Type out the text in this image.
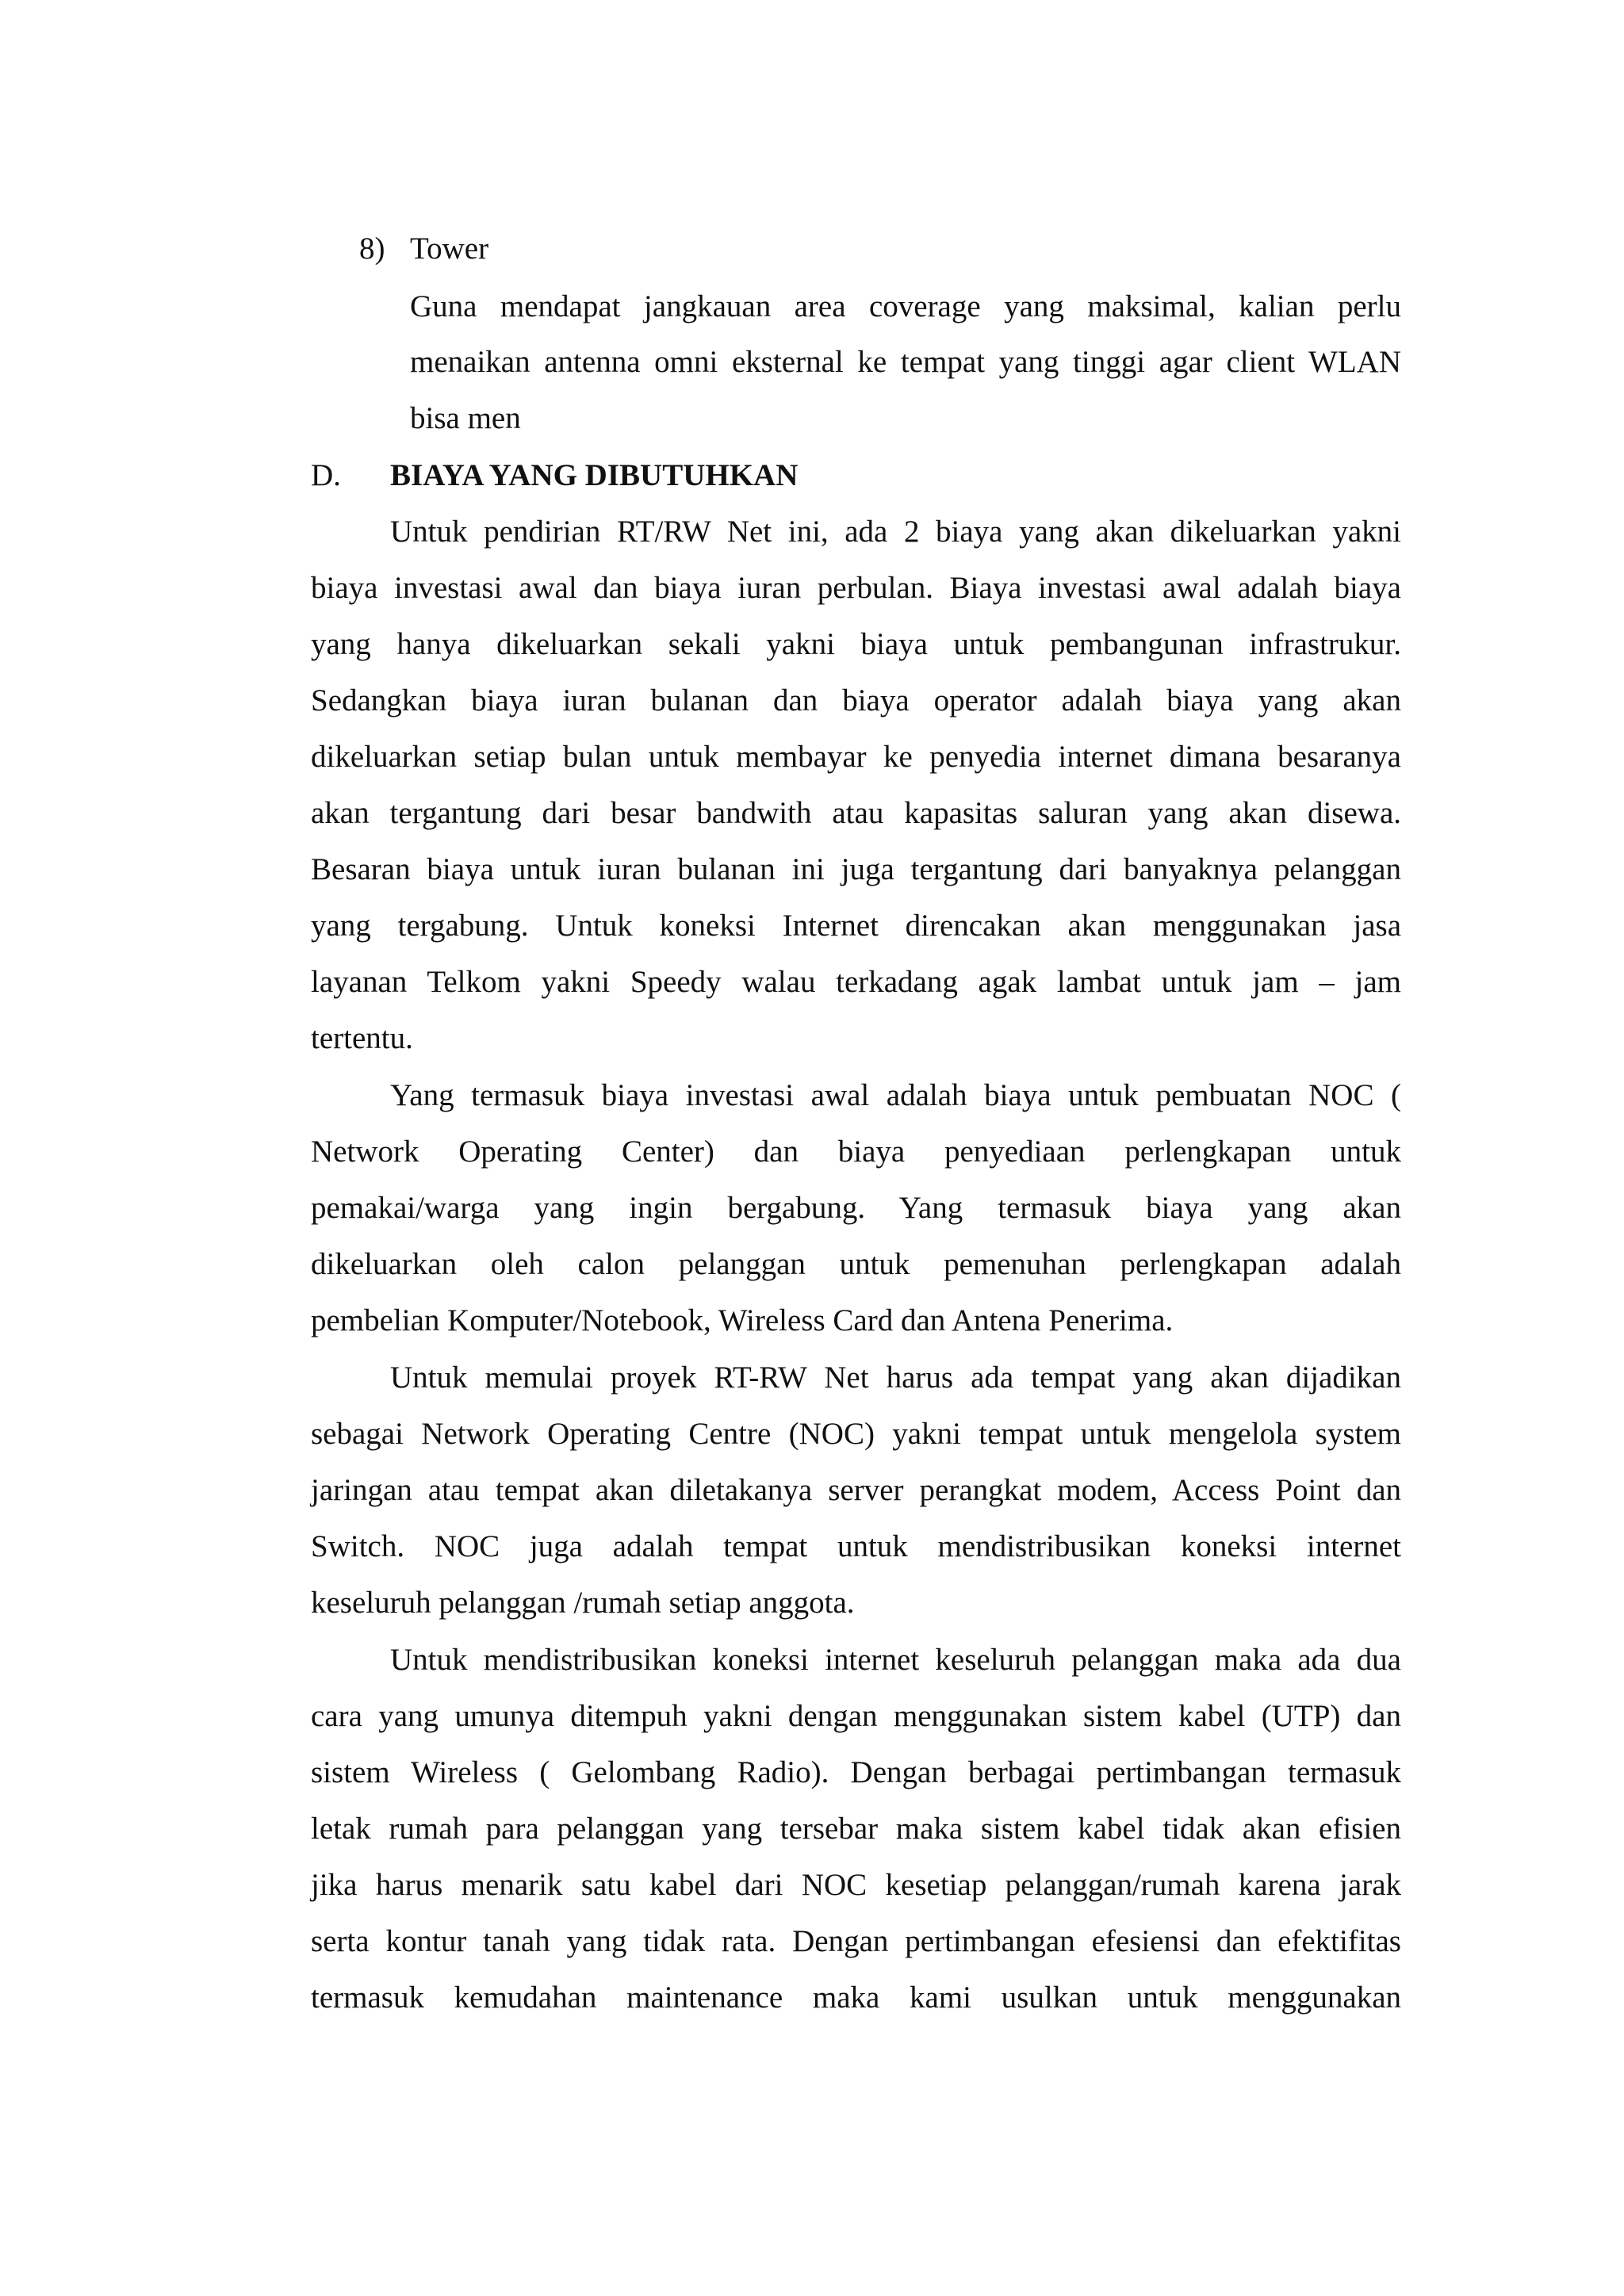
8) Tower
Guna mendapat jangkauan area coverage yang maksimal, kalian perlu
menaikan antenna omni eksternal ke tempat yang tinggi agar client WLAN
bisa men
D. BIAYA YANG DIBUTUHKAN
Untuk pendirian RT/RW Net ini, ada 2 biaya yang akan dikeluarkan yakni
biaya investasi awal dan biaya iuran perbulan. Biaya investasi awal adalah biaya
yang hanya dikeluarkan sekali yakni biaya untuk pembangunan infrastrukur.
Sedangkan biaya iuran bulanan dan biaya operator adalah biaya yang akan
dikeluarkan setiap bulan untuk membayar ke penyedia internet dimana besaranya
akan tergantung dari besar bandwith atau kapasitas saluran yang akan disewa.
Besaran biaya untuk iuran bulanan ini juga tergantung dari banyaknya pelanggan
yang tergabung. Untuk koneksi Internet direncakan akan menggunakan jasa
layanan Telkom yakni Speedy walau terkadang agak lambat untuk jam – jam
tertentu.
Yang termasuk biaya investasi awal adalah biaya untuk pembuatan NOC (
Network Operating Center) dan biaya penyediaan perlengkapan untuk
pemakai/warga yang ingin bergabung. Yang termasuk biaya yang akan
dikeluarkan oleh calon pelanggan untuk pemenuhan perlengkapan adalah
pembelian Komputer/Notebook, Wireless Card dan Antena Penerima.
Untuk memulai proyek RT-RW Net harus ada tempat yang akan dijadikan
sebagai Network Operating Centre (NOC) yakni tempat untuk mengelola system
jaringan atau tempat akan diletakanya server perangkat modem, Access Point dan
Switch. NOC juga adalah tempat untuk mendistribusikan koneksi internet
keseluruh pelanggan /rumah setiap anggota.
Untuk mendistribusikan koneksi internet keseluruh pelanggan maka ada dua
cara yang umunya ditempuh yakni dengan menggunakan sistem kabel (UTP) dan
sistem Wireless ( Gelombang Radio). Dengan berbagai pertimbangan termasuk
letak rumah para pelanggan yang tersebar maka sistem kabel tidak akan efisien
jika harus menarik satu kabel dari NOC kesetiap pelanggan/rumah karena jarak
serta kontur tanah yang tidak rata. Dengan pertimbangan efesiensi dan efektifitas
termasuk kemudahan maintenance maka kami usulkan untuk menggunakan
